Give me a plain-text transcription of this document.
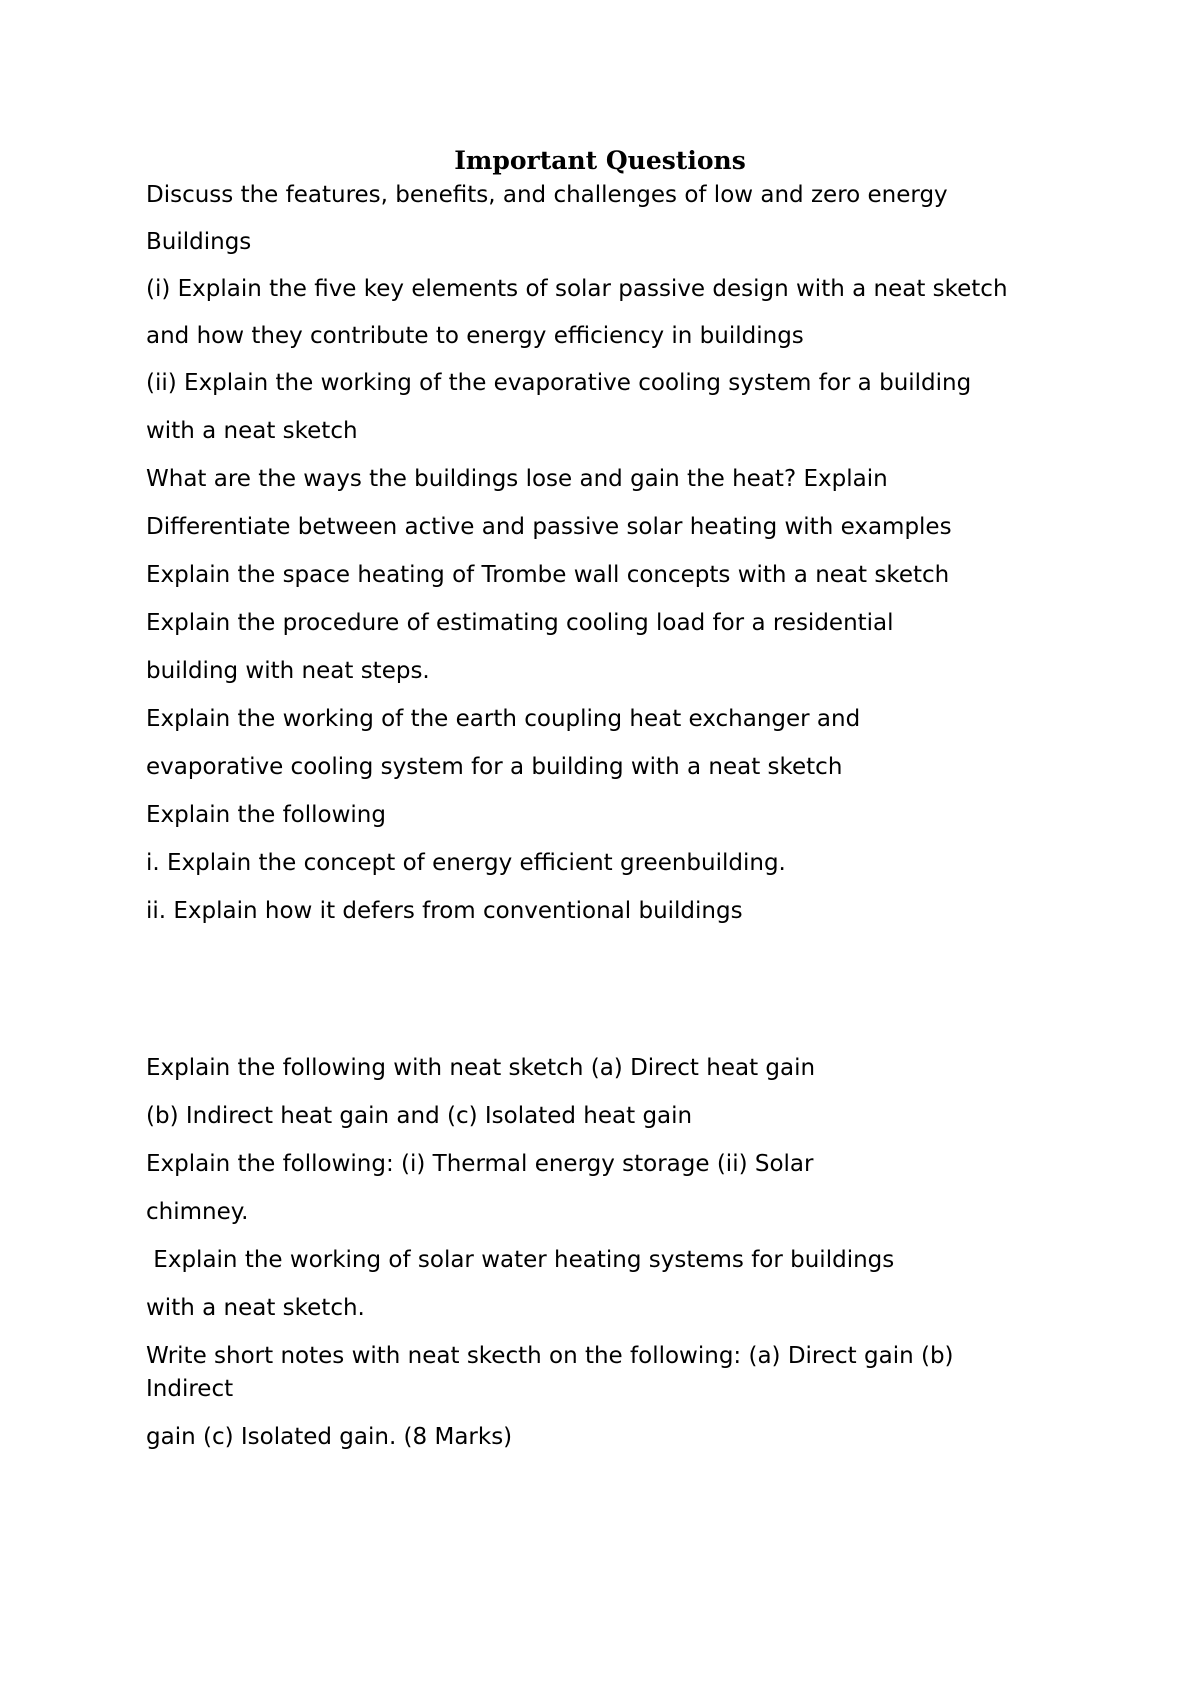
Important Questions
Discuss the features, benefits, and challenges of low and zero energy
Buildings
(i) Explain the five key elements of solar passive design with a neat sketch
and how they contribute to energy efficiency in buildings
(ii) Explain the working of the evaporative cooling system for a building
with a neat sketch
What are the ways the buildings lose and gain the heat? Explain
Differentiate between active and passive solar heating with examples
Explain the space heating of Trombe wall concepts with a neat sketch
Explain the procedure of estimating cooling load for a residential
building with neat steps.
Explain the working of the earth coupling heat exchanger and
evaporative cooling system for a building with a neat sketch
Explain the following
i. Explain the concept of energy efficient greenbuilding.
ii. Explain how it defers from conventional buildings
Explain the following with neat sketch (a) Direct heat gain
(b) Indirect heat gain and (c) Isolated heat gain
Explain the following: (i) Thermal energy storage (ii) Solar
chimney.
Explain the working of solar water heating systems for buildings
with a neat sketch.
Write short notes with neat skecth on the following: (a) Direct gain (b)
Indirect
gain (c) Isolated gain. (8 Marks)
